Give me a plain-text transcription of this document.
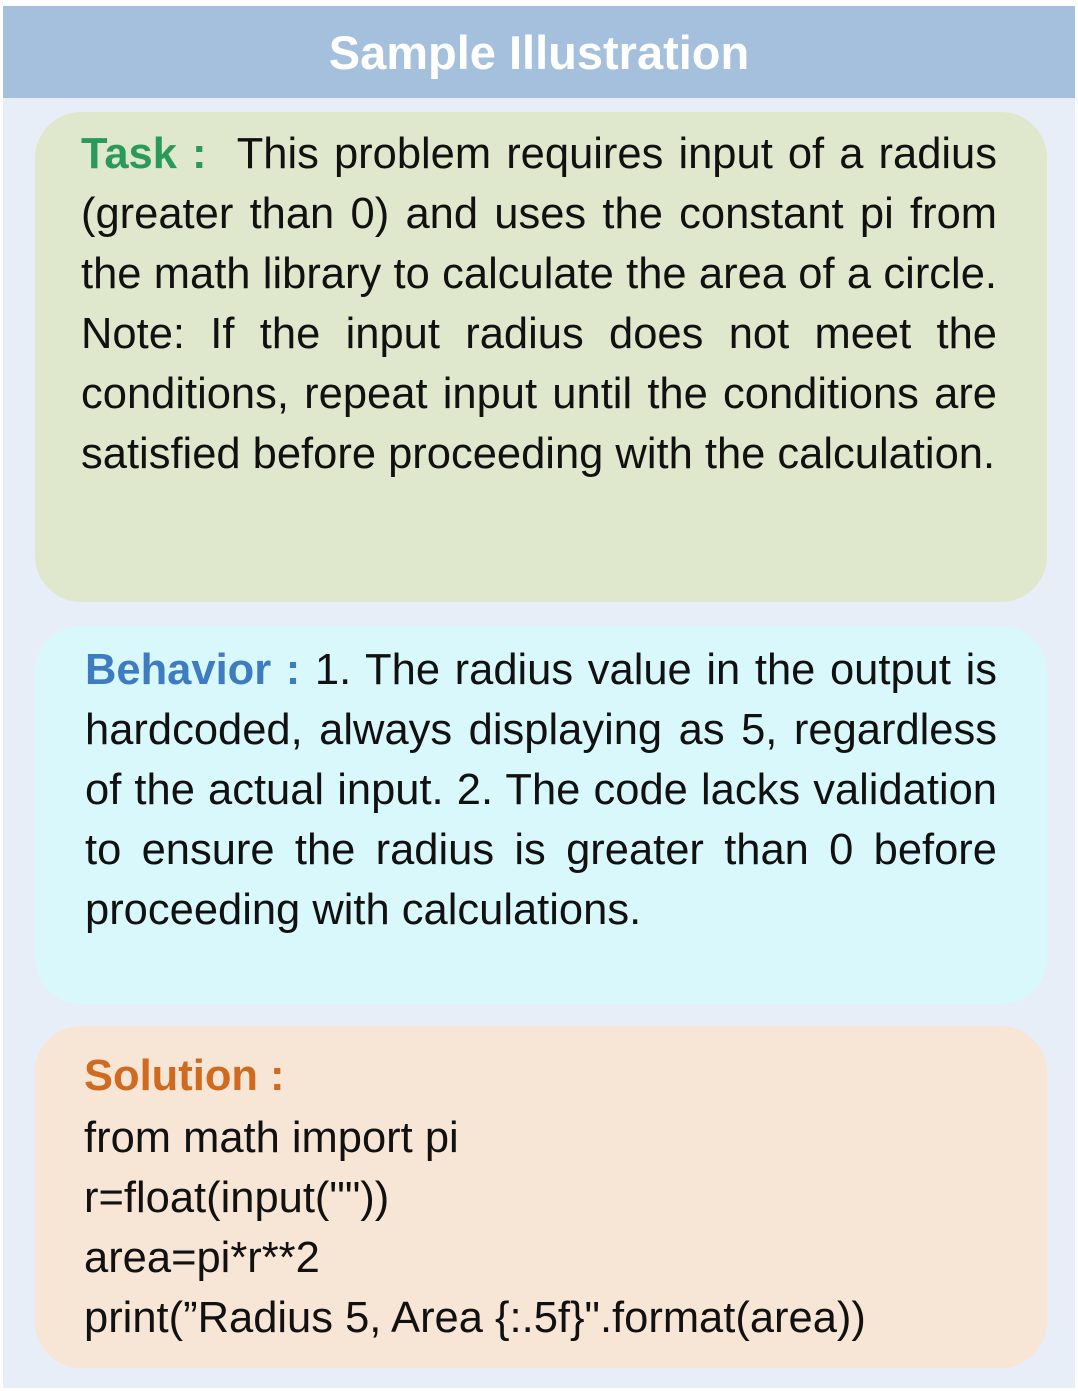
Sample Illustration
Task : This problem requires input of a radius (greater than 0) and uses the constant pi from the math library to calculate the area of a circle. Note: If the input radius does not meet the conditions, repeat input until the conditions are satisfied before proceeding with the calculation.
Behavior : 1. The radius value in the output is hardcoded, always displaying as 5, regardless of the actual input. 2. The code lacks validation to ensure the radius is greater than 0 before proceeding with calculations.
Solution :
from math import pi
r=float(input(""))
area=pi*r**2
print(”Radius 5, Area {:.5f}".format(area))
